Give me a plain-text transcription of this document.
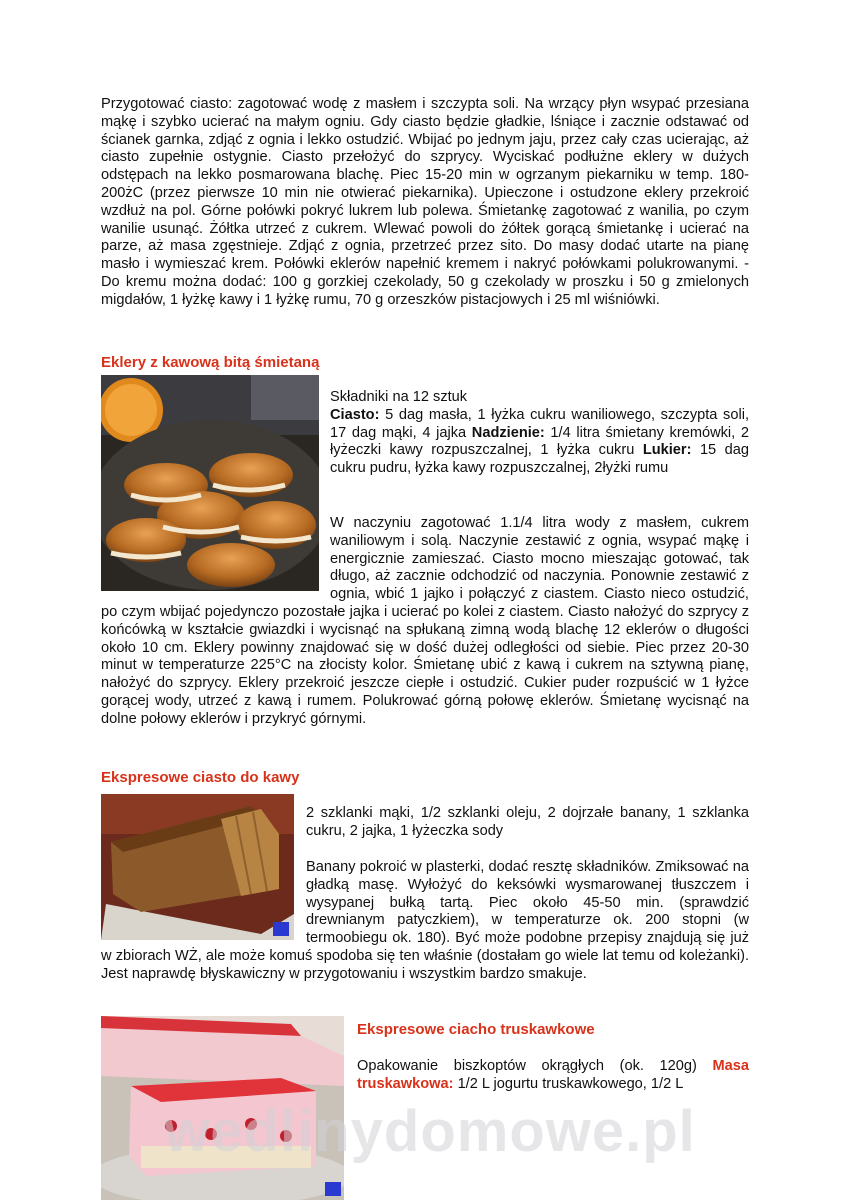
Przygotować ciasto: zagotować wodę z masłem i szczypta soli. Na wrzący płyn wsypać przesiana mąkę i szybko ucierać na małym ogniu. Gdy ciasto będzie gładkie, lśniące i zacznie odstawać od ścianek garnka, zdjąć z ognia i lekko ostudzić. Wbijać po jednym jaju, przez cały czas ucierając, aż ciasto zupełnie ostygnie. Ciasto przełożyć do szprycy. Wyciskać podłużne eklery w dużych odstępach na lekko posmarowana blachę. Piec 15-20 min w ogrzanym piekarniku w temp. 180-200żC (przez pierwsze 10 min nie otwierać piekarnika). Upieczone i ostudzone eklery przekroić wzdłuż na pol. Górne połówki pokryć lukrem lub polewa. Śmietankę zagotować z wanilia, po czym wanilie usunąć. Żółtka utrzeć z cukrem. Wlewać powoli do żółtek gorącą śmietankę i ucierać na parze, aż masa zgęstnieje. Zdjąć z ognia, przetrzeć przez sito. Do masy dodać utarte na pianę masło i wymieszać krem. Połówki eklerów napełnić kremem i nakryć połówkami polukrowanymi. - Do kremu można dodać: 100 g gorzkiej czekolady, 50 g czekolady w proszku i 50 g zmielonych migdałów, 1 łyżkę kawy i 1 łyżkę rumu, 70 g orzeszków pistacjowych i 25 ml wiśniówki.

Eklery z kawową bitą śmietaną

Składniki na 12 sztuk

Ciasto: 5 dag masła, 1 łyżka cukru waniliowego, szczypta soli, 17 dag mąki, 4 jajka Nadzienie: 1/4 litra śmietany kremówki, 2 łyżeczki kawy rozpuszczalnej, 1 łyżka cukru Lukier: 15 dag cukru pudru, łyżka kawy rozpuszczalnej, 2łyżki rumu

W naczyniu zagotować 1.1/4 litra wody z masłem, cukrem waniliowym i solą. Naczynie zestawić z ognia, wsypać mąkę i energicznie zamieszać. Ciasto mocno mieszając gotować, tak długo, aż zacznie odchodzić od naczynia. Ponownie zestawić z ognia, wbić 1 jajko i połączyć z ciastem. Ciasto nieco ostudzić, po czym wbijać pojedynczo pozostałe jajka i ucierać po kolei z ciastem. Ciasto nałożyć do szprycy z końcówką w kształcie gwiazdki i wycisnąć na spłukaną zimną wodą blachę 12 eklerów o długości około 10 cm. Eklery powinny znajdować się w dość dużej odległości od siebie. Piec przez 20-30 minut w temperaturze 225°C na złocisty kolor. Śmietanę ubić z kawą i cukrem na sztywną pianę, nałożyć do szprycy. Eklery przekroić jeszcze ciepłe i ostudzić. Cukier puder rozpuścić w 1 łyżce gorącej wody, utrzeć z kawą i rumem. Polukrować górną połowę eklerów. Śmietanę wycisnąć na dolne połowy eklerów i przykryć górnymi.

Ekspresowe ciasto do kawy

2 szklanki mąki, 1/2 szklanki oleju, 2 dojrzałe banany, 1 szklanka cukru, 2 jajka, 1 łyżeczka sody

Banany pokroić w plasterki, dodać resztę składników. Zmiksować na gładką masę. Wyłożyć do keksówki wysmarowanej tłuszczem i wysypanej bułką tartą. Piec około 45-50 min. (sprawdzić drewnianym patyczkiem), w temperaturze ok. 200 stopni (w termoobiegu ok. 180). Być może podobne przepisy znajdują się już w zbiorach WŻ, ale może komuś spodoba się ten właśnie (dostałam go wiele lat temu od koleżanki). Jest naprawdę błyskawiczny w przygotowaniu i wszystkim bardzo smakuje.

Ekspresowe ciacho truskawkowe

Opakowanie biszkoptów okrągłych (ok. 120g) Masa truskawkowa: 1/2 L jogurtu truskawkowego, 1/2 L

wedlinydomowe.pl
